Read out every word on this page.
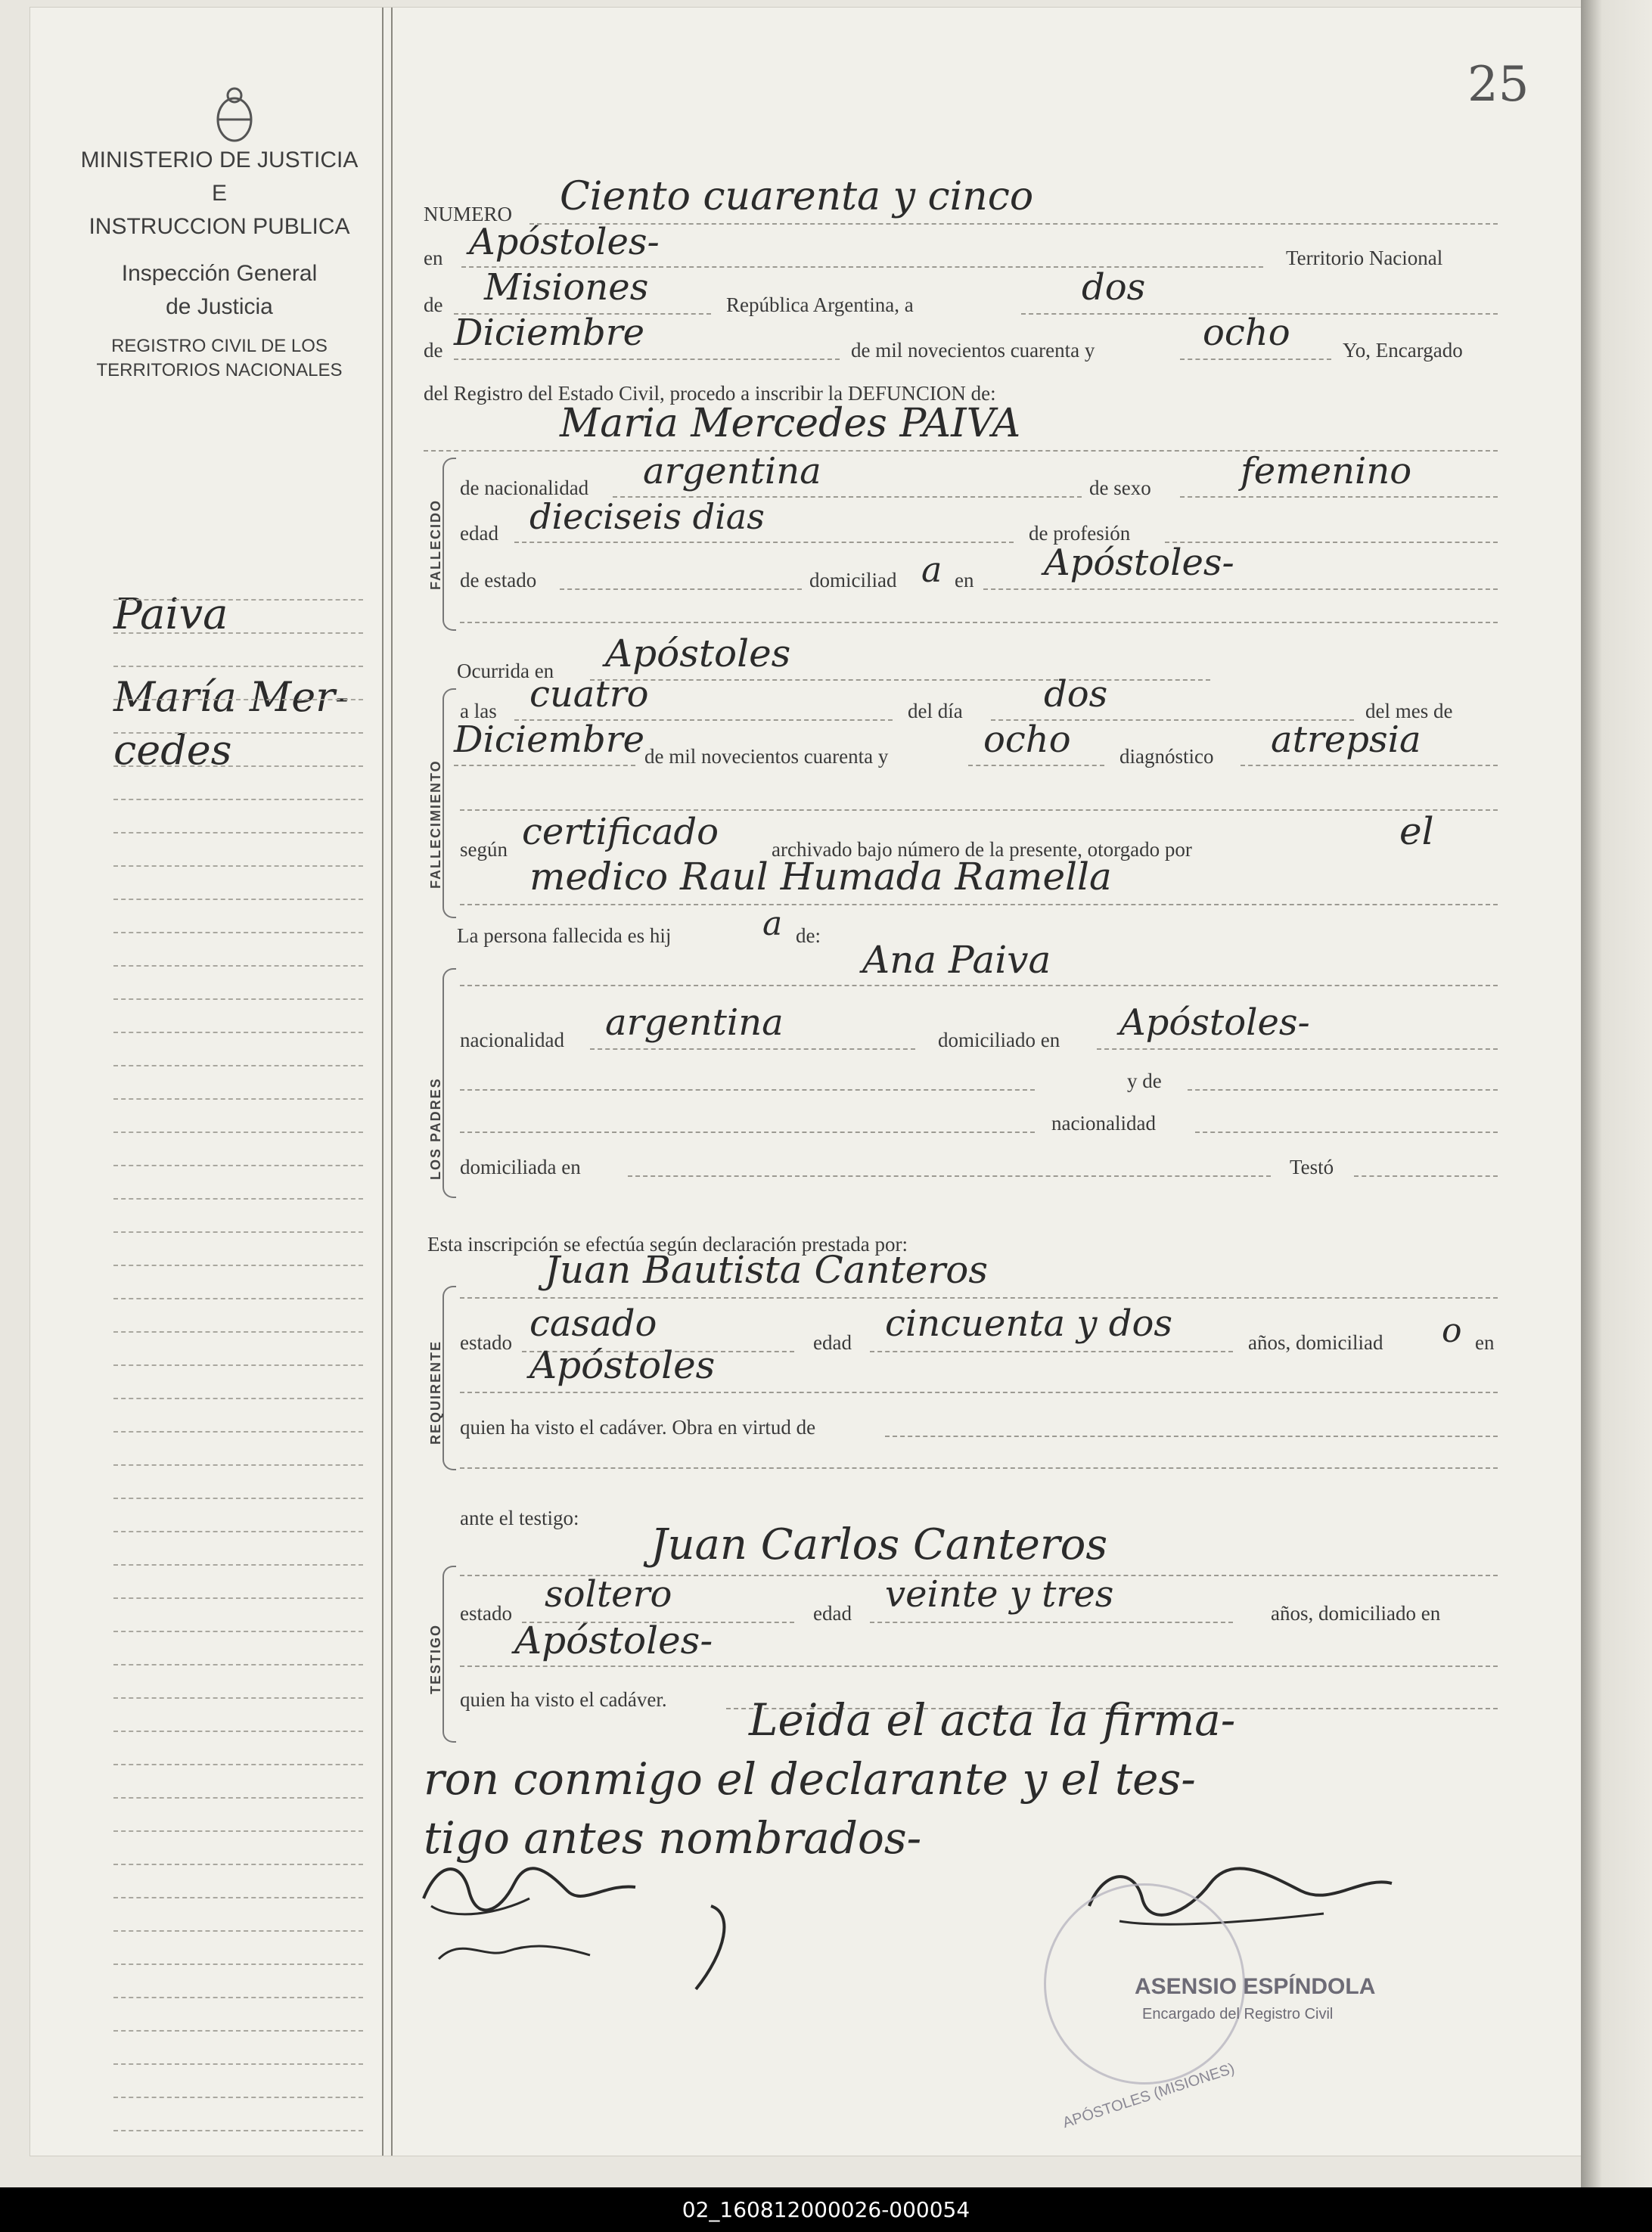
25
MINISTERIO DE JUSTICIA
E
INSTRUCCION PUBLICA
Inspección General
de Justicia
REGISTRO CIVIL DE LOS
TERRITORIOS NACIONALES
Paiva
María Mer-
cedes
NUMERO Ciento cuarenta y cinco
en Apóstoles-	Territorio Nacional
de Misiones	República Argentina, a	dos
de Diciembre	de mil novecientos cuarenta y	ocho	Yo, Encargado
del Registro del Estado Civil, procedo a inscribir la DEFUNCION de:
Maria Mercedes PAIVA
FALLECIDO
de nacionalidad argentina	de sexo femenino
edad dieciseis dias	de profesión
de estado	domiciliad a en Apóstoles-
Ocurrida en Apóstoles
FALLECIMIENTO
a las cuatro	del día dos	del mes de
Diciembre de mil novecientos cuarenta y	ocho diagnóstico atrepsia
según certificado	archivado bajo número de la presente, otorgado por	el
medico Raul Humada Ramella
La persona fallecida es hij	a de:
Ana Paiva
LOS PADRES
nacionalidad argentina	domiciliado en Apóstoles-
y de
nacionalidad
domiciliada en	Testó
Esta inscripción se efectúa según declaración prestada por:
Juan Bautista Canteros
REQUIRENTE estado casado	edad cincuenta y dos	años, domiciliad o en
Apóstoles
quien ha visto el cadáver. Obra en virtud de
ante el testigo:
Juan Carlos Canteros
TESTIGO
estado soltero	edad veinte y tres	años, domiciliado en
Apóstoles-
quien ha visto el cadáver. Leida el acta la firma-
ron conmigo el declarante y el tes-
tigo antes nombrados-
ASENSIO ESPÍNDOLA
Encargado del Registro Civil
APÓSTOLES (MISIONES)
02_160812000026-000054
